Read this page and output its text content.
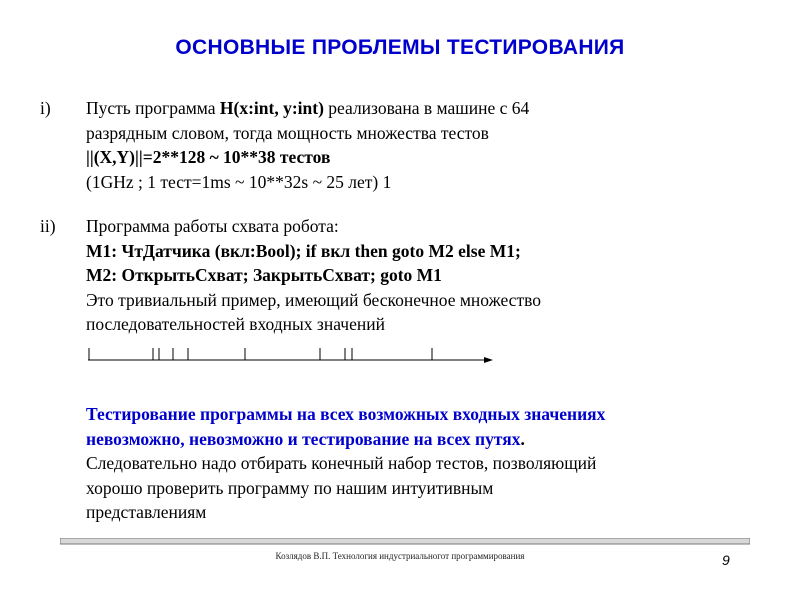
ОСНОВНЫЕ ПРОБЛЕМЫ ТЕСТИРОВАНИЯ
i) Пусть программа H(x:int, y:int) реализована в машине с 64
разрядным словом, тогда мощность множества тестов
||(X,Y)||=2**128 ~ 10**38 тестов
(1GHz ; 1 тест=1ms ~ 10**32s ~ 25 лет) 1
ii) Программа работы схвата робота:
M1: ЧтДатчика (вкл:Bool); if вкл then goto M2 else M1;
M2: ОткрытьСхват; ЗакрытьСхват; goto M1
Это тривиальный пример, имеющий бесконечное множество
последовательностей входных значений
Тестирование программы на всех возможных входных значениях
невозможно, невозможно и тестирование на всех путях.
Следовательно надо отбирать конечный набор тестов, позволяющий
хорошо проверить программу по нашим интуитивным
представлениям
Козлядов В.П. Технология индустриальногот программирования	9
